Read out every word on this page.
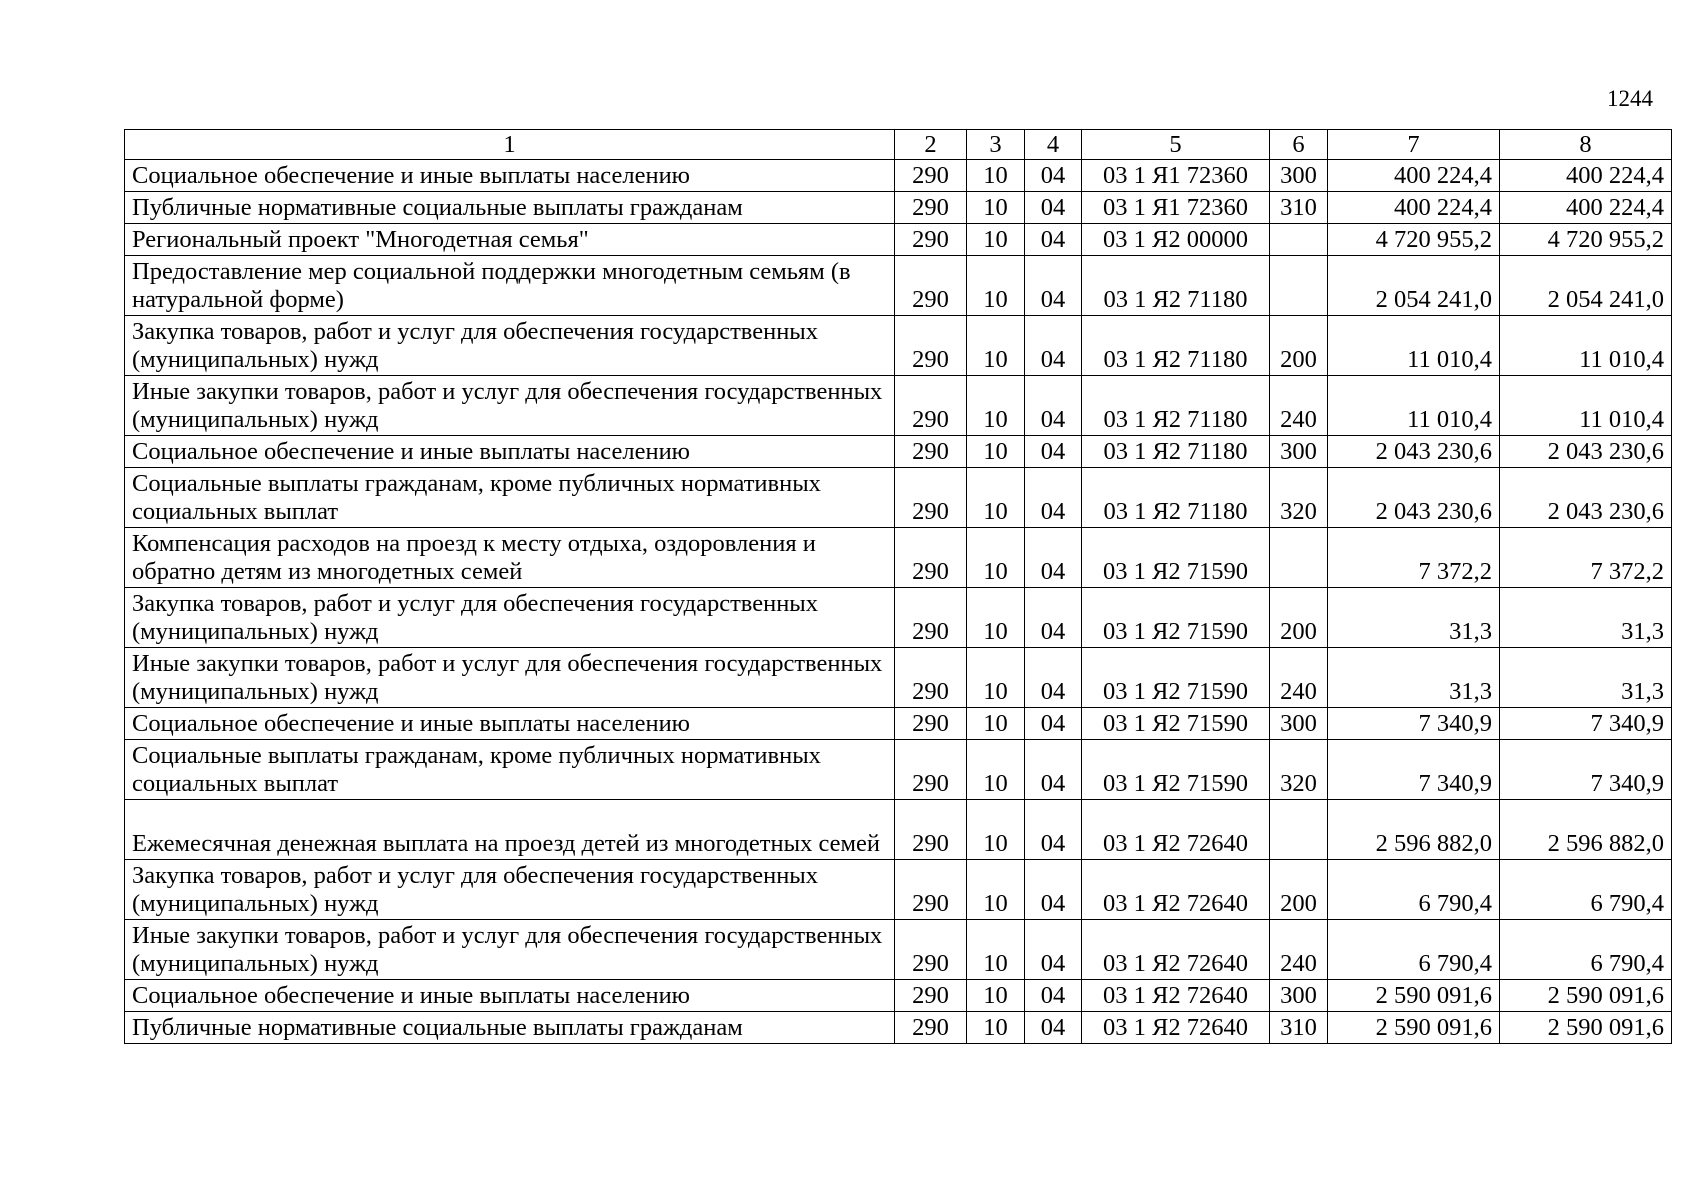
1244
1	2	3	4	5	6	7	8
Социальное обеспечение и иные выплаты населению	290	10	04	03 1 Я1 72360	300	400 224,4	400 224,4
Публичные нормативные социальные выплаты гражданам	290	10	04	03 1 Я1 72360	310	400 224,4	400 224,4
Региональный проект "Многодетная семья"	290	10	04	03 1 Я2 00000		4 720 955,2	4 720 955,2
Предоставление мер социальной поддержки многодетным семьям (в натуральной форме)	290	10	04	03 1 Я2 71180		2 054 241,0	2 054 241,0
Закупка товаров, работ и услуг для обеспечения государственных (муниципальных) нужд	290	10	04	03 1 Я2 71180	200	11 010,4	11 010,4
Иные закупки товаров, работ и услуг для обеспечения государственных (муниципальных) нужд	290	10	04	03 1 Я2 71180	240	11 010,4	11 010,4
Социальное обеспечение и иные выплаты населению	290	10	04	03 1 Я2 71180	300	2 043 230,6	2 043 230,6
Социальные выплаты гражданам, кроме публичных нормативных социальных выплат	290	10	04	03 1 Я2 71180	320	2 043 230,6	2 043 230,6
Компенсация расходов на проезд к месту отдыха, оздоровления и обратно детям из многодетных семей	290	10	04	03 1 Я2 71590		7 372,2	7 372,2
Закупка товаров, работ и услуг для обеспечения государственных (муниципальных) нужд	290	10	04	03 1 Я2 71590	200	31,3	31,3
Иные закупки товаров, работ и услуг для обеспечения государственных (муниципальных) нужд	290	10	04	03 1 Я2 71590	240	31,3	31,3
Социальное обеспечение и иные выплаты населению	290	10	04	03 1 Я2 71590	300	7 340,9	7 340,9
Социальные выплаты гражданам, кроме публичных нормативных социальных выплат	290	10	04	03 1 Я2 71590	320	7 340,9	7 340,9
Ежемесячная денежная выплата на проезд детей из многодетных семей	290	10	04	03 1 Я2 72640		2 596 882,0	2 596 882,0
Закупка товаров, работ и услуг для обеспечения государственных (муниципальных) нужд	290	10	04	03 1 Я2 72640	200	6 790,4	6 790,4
Иные закупки товаров, работ и услуг для обеспечения государственных (муниципальных) нужд	290	10	04	03 1 Я2 72640	240	6 790,4	6 790,4
Социальное обеспечение и иные выплаты населению	290	10	04	03 1 Я2 72640	300	2 590 091,6	2 590 091,6
Публичные нормативные социальные выплаты гражданам	290	10	04	03 1 Я2 72640	310	2 590 091,6	2 590 091,6
